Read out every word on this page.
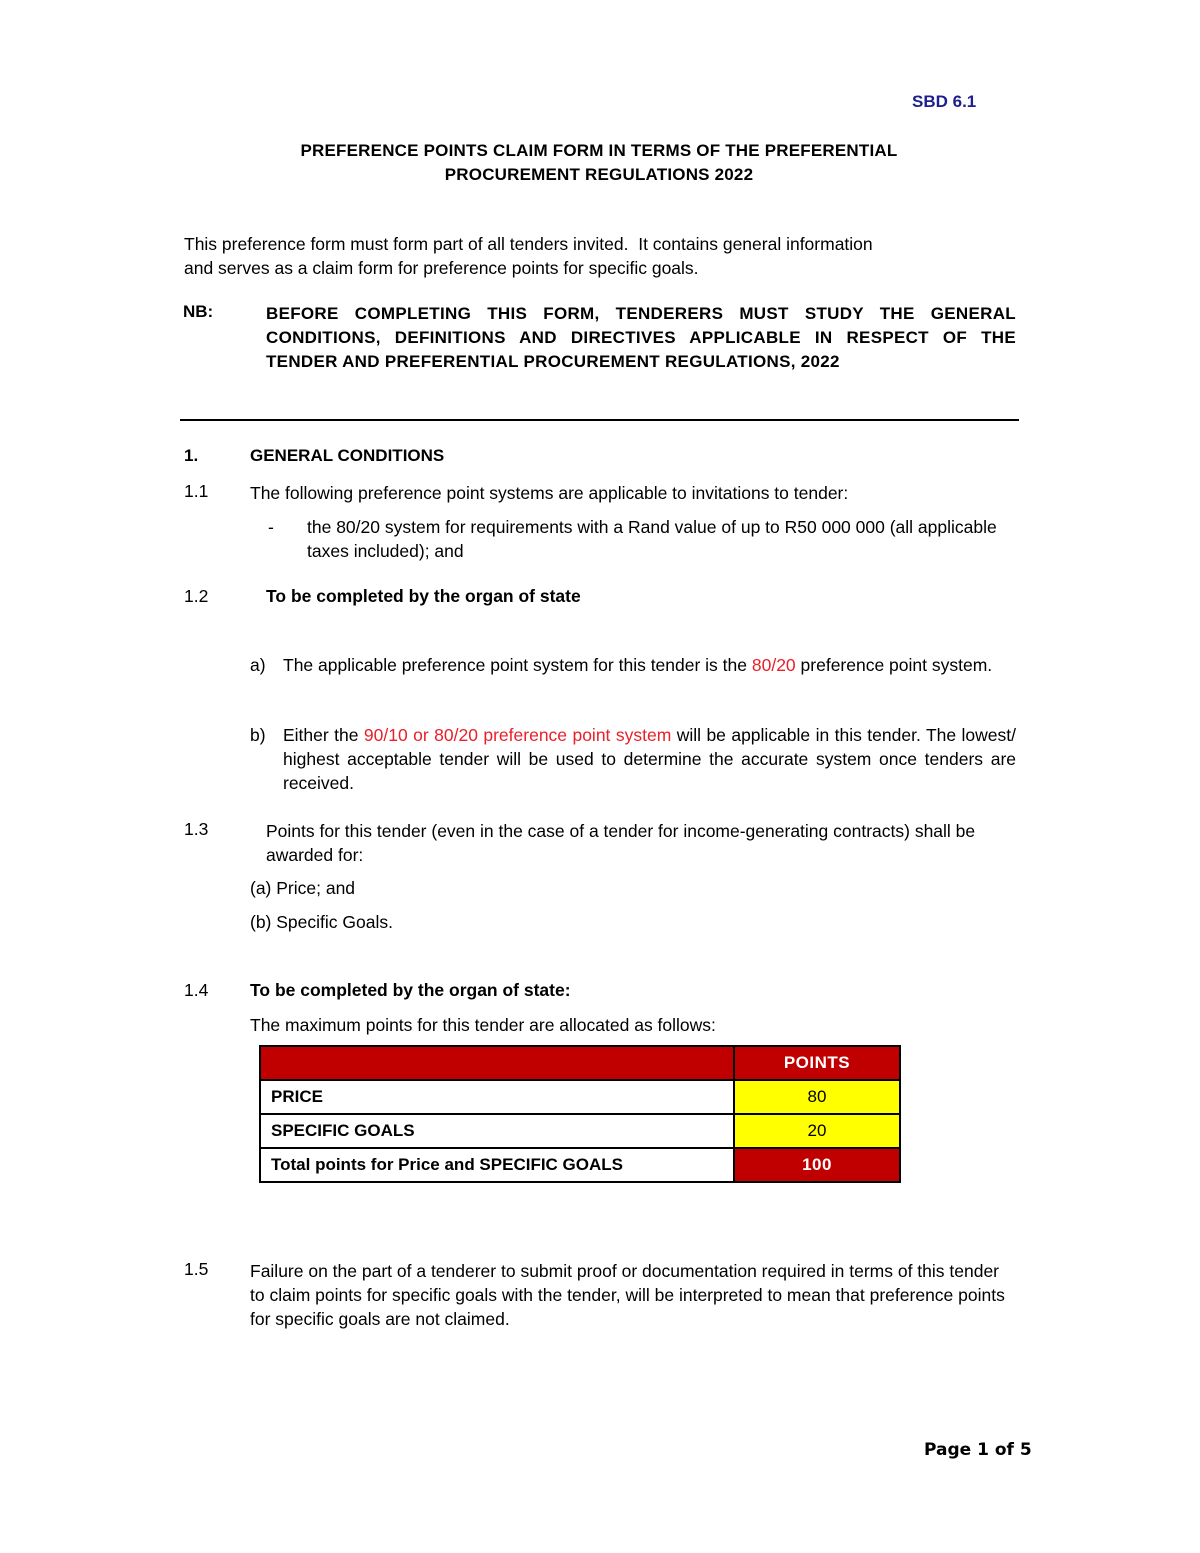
SBD 6.1
PREFERENCE POINTS CLAIM FORM IN TERMS OF THE PREFERENTIAL
PROCUREMENT REGULATIONS 2022
This preference form must form part of all tenders invited.  It contains general information
and serves as a claim form for preference points for specific goals.
NB:	BEFORE COMPLETING THIS FORM, TENDERERS MUST STUDY THE GENERAL CONDITIONS, DEFINITIONS AND DIRECTIVES APPLICABLE IN RESPECT OF THE TENDER AND PREFERENTIAL PROCUREMENT REGULATIONS, 2022
1.	GENERAL CONDITIONS
1.1 The following preference point systems are applicable to invitations to tender:
- the 80/20 system for requirements with a Rand value of up to R50 000 000 (all applicable taxes included); and
1.2	To be completed by the organ of state
a) The applicable preference point system for this tender is the 80/20 preference point system.
b) Either the 90/10 or 80/20 preference point system will be applicable in this tender. The lowest/ highest acceptable tender will be used to determine the accurate system once tenders are received.
1.3	Points for this tender (even in the case of a tender for income-generating contracts) shall be awarded for:
(a) Price; and
(b) Specific Goals.
1.4 To be completed by the organ of state:
The maximum points for this tender are allocated as follows:
	POINTS
PRICE	80
SPECIFIC GOALS	20
Total points for Price and SPECIFIC GOALS	100
1.5 Failure on the part of a tenderer to submit proof or documentation required in terms of this tender to claim points for specific goals with the tender, will be interpreted to mean that preference points for specific goals are not claimed.
Page 1 of 5
